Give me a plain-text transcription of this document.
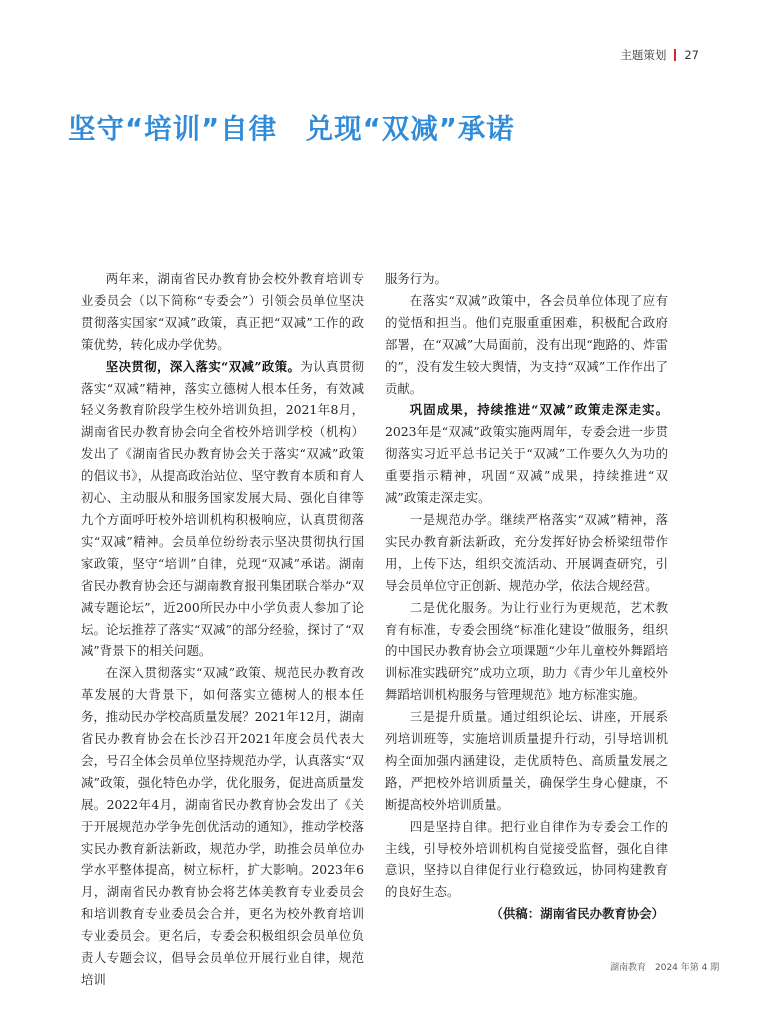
主题策划 27
坚守“培训”自律　兑现“双减”承诺

两年来，湖南省民办教育协会校外教育培训专业委员会（以下简称“专委会”）引领会员单位坚决贯彻落实国家“双减”政策，真正把“双减”工作的政策优势，转化成办学优势。

坚决贯彻，深入落实“双减”政策。为认真贯彻落实“双减”精神，落实立德树人根本任务，有效减轻义务教育阶段学生校外培训负担，2021年8月，湖南省民办教育协会向全省校外培训学校（机构）发出了《湖南省民办教育协会关于落实“双减”政策的倡议书》，从提高政治站位、坚守教育本质和育人初心、主动服从和服务国家发展大局、强化自律等九个方面呼吁校外培训机构积极响应，认真贯彻落实“双减”精神。会员单位纷纷表示坚决贯彻执行国家政策，坚守“培训”自律，兑现“双减”承诺。湖南省民办教育协会还与湖南教育报刊集团联合举办“双减专题论坛”，近200所民办中小学负责人参加了论坛。论坛推荐了落实“双减”的部分经验，探讨了“双减”背景下的相关问题。

在深入贯彻落实“双减”政策、规范民办教育改革发展的大背景下，如何落实立德树人的根本任务，推动民办学校高质量发展？2021年12月，湖南省民办教育协会在长沙召开2021年度会员代表大会，号召全体会员单位坚持规范办学，认真落实“双减”政策，强化特色办学，优化服务，促进高质量发展。2022年4月，湖南省民办教育协会发出了《关于开展规范办学争先创优活动的通知》，推动学校落实民办教育新法新政，规范办学，助推会员单位办学水平整体提高，树立标杆，扩大影响。2023年6月，湖南省民办教育协会将艺体美教育专业委员会和培训教育专业委员会合并，更名为校外教育培训专业委员会。更名后，专委会积极组织会员单位负责人专题会议，倡导会员单位开展行业自律，规范培训

服务行为。

在落实“双减”政策中，各会员单位体现了应有的觉悟和担当。他们克服重重困难，积极配合政府部署，在“双减”大局面前，没有出现“跑路的、炸雷的”，没有发生较大舆情，为支持“双减”工作作出了贡献。

巩固成果，持续推进“双减”政策走深走实。2023年是“双减”政策实施两周年，专委会进一步贯彻落实习近平总书记关于“双减”工作要久久为功的重要指示精神，巩固“双减”成果，持续推进“双减”政策走深走实。

一是规范办学。继续严格落实“双减”精神，落实民办教育新法新政，充分发挥好协会桥梁纽带作用，上传下达，组织交流活动、开展调查研究，引导会员单位守正创新、规范办学，依法合规经营。

二是优化服务。为让行业行为更规范，艺术教育有标准，专委会围绕“标准化建设”做服务，组织的中国民办教育协会立项课题“少年儿童校外舞蹈培训标准实践研究”成功立项，助力《青少年儿童校外舞蹈培训机构服务与管理规范》地方标准实施。

三是提升质量。通过组织论坛、讲座，开展系列培训班等，实施培训质量提升行动，引导培训机构全面加强内涵建设，走优质特色、高质量发展之路，严把校外培训质量关，确保学生身心健康，不断提高校外培训质量。

四是坚持自律。把行业自律作为专委会工作的主线，引导校外培训机构自觉接受监督，强化自律意识，坚持以自律促行业行稳致远，协同构建教育的良好生态。

（供稿：湖南省民办教育协会）

湖南教育　2024 年第 4 期
